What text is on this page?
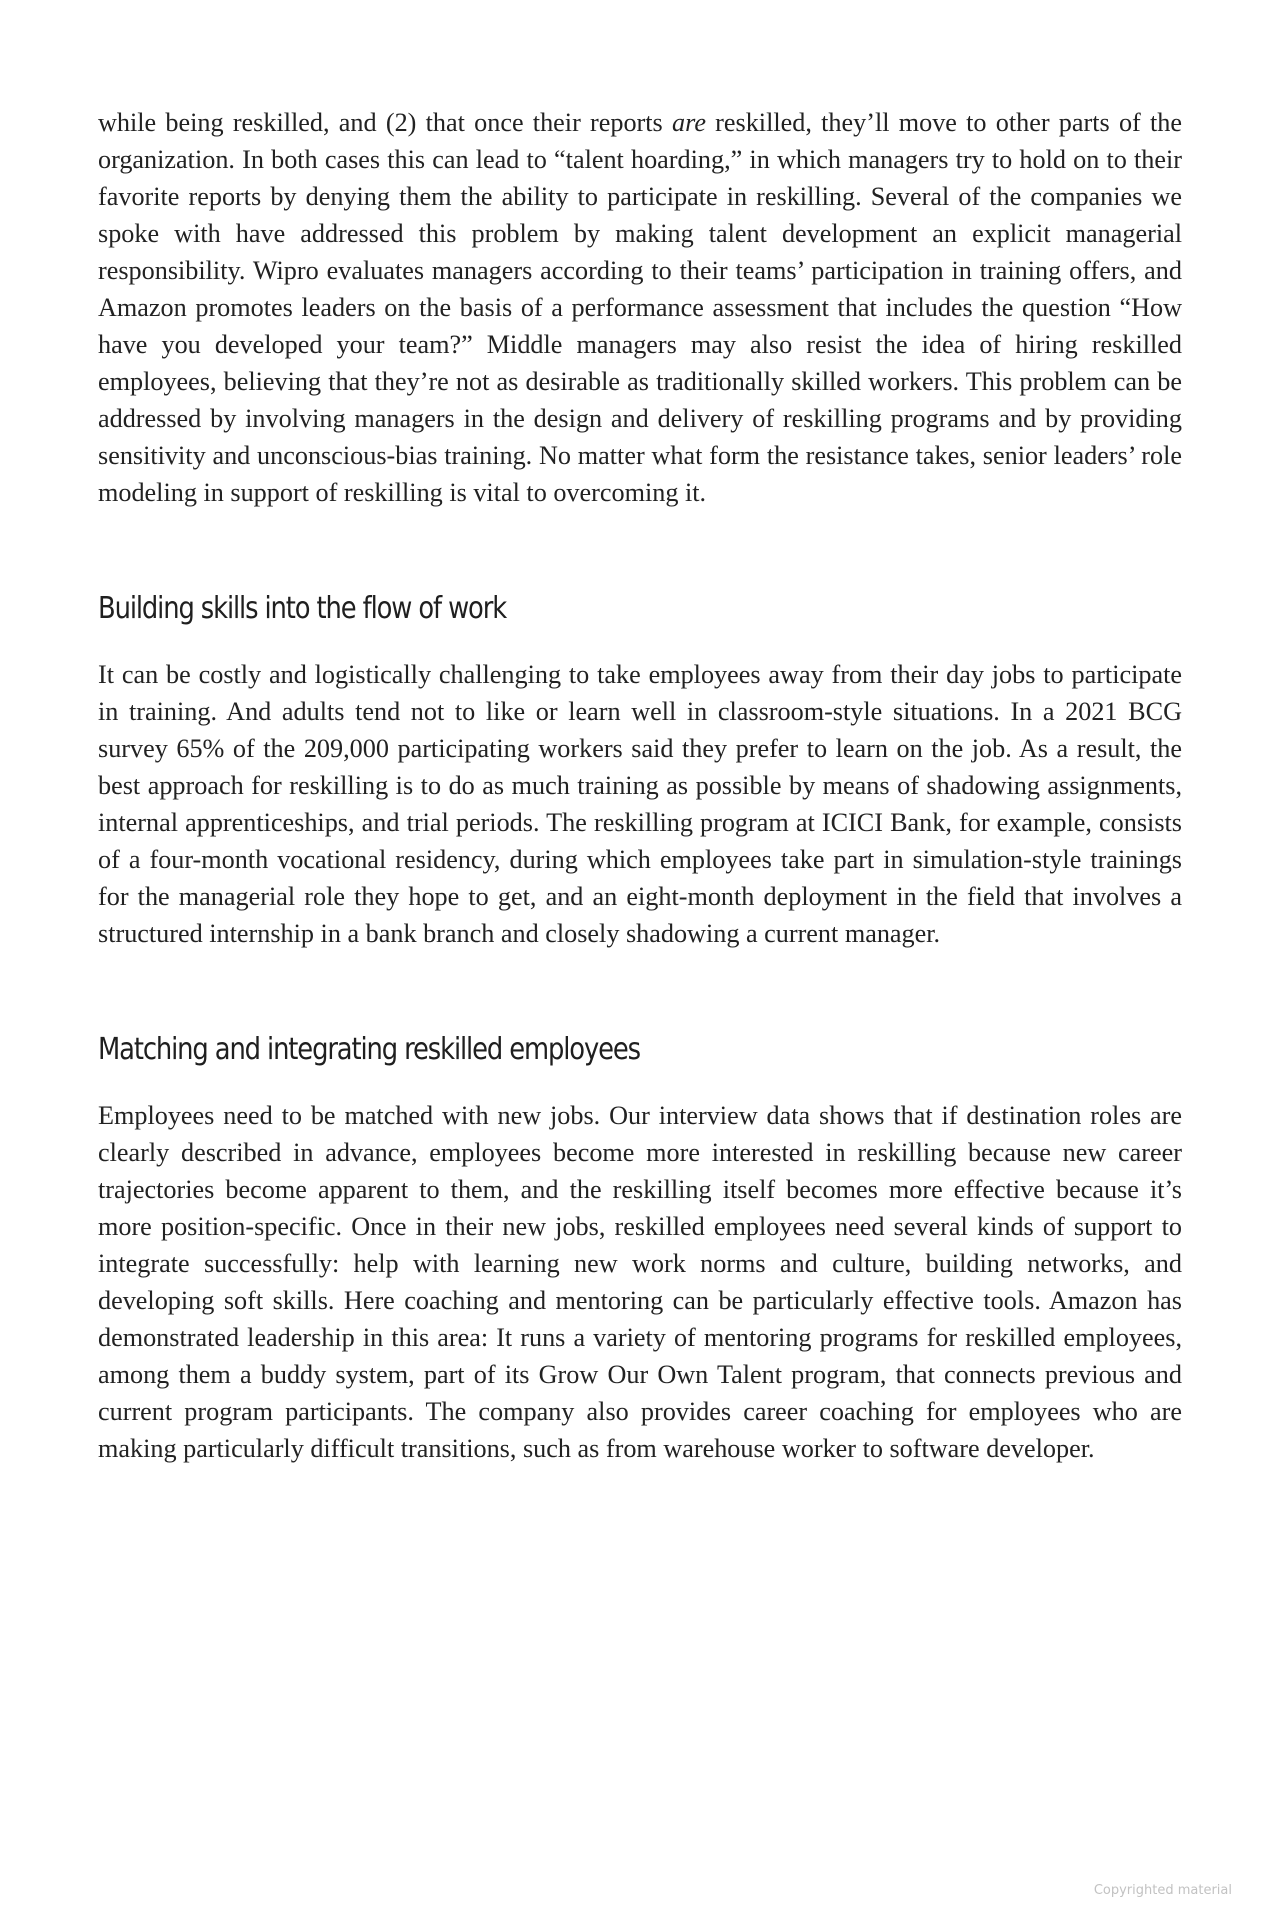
while being reskilled, and (2) that once their reports are reskilled, they’ll move to other parts of the organization. In both cases this can lead to “talent hoarding,” in which managers try to hold on to their favorite reports by denying them the ability to participate in reskilling. Several of the companies we spoke with have addressed this problem by making talent development an explicit managerial responsibility. Wipro evaluates managers according to their teams’ participation in training offers, and Amazon promotes leaders on the basis of a performance assessment that includes the question “How have you developed your team?” Middle managers may also resist the idea of hiring reskilled employees, believing that they’re not as desirable as traditionally skilled workers. This problem can be addressed by involving managers in the design and delivery of reskilling programs and by providing sensitivity and unconscious-bias training. No matter what form the resistance takes, senior leaders’ role modeling in support of reskilling is vital to overcoming it.

Building skills into the flow of work

It can be costly and logistically challenging to take employees away from their day jobs to participate in training. And adults tend not to like or learn well in classroom-style situations. In a 2021 BCG survey 65% of the 209,000 participating workers said they prefer to learn on the job. As a result, the best approach for reskilling is to do as much training as possible by means of shadowing assignments, internal apprenticeships, and trial periods. The reskilling program at ICICI Bank, for example, consists of a four-month vocational residency, during which employees take part in simulation-style trainings for the managerial role they hope to get, and an eight-month deployment in the field that involves a structured internship in a bank branch and closely shadowing a current manager.

Matching and integrating reskilled employees

Employees need to be matched with new jobs. Our interview data shows that if destination roles are clearly described in advance, employees become more interested in reskilling because new career trajectories become apparent to them, and the reskilling itself becomes more effective because it’s more position-specific. Once in their new jobs, reskilled employees need several kinds of support to integrate successfully: help with learning new work norms and culture, building networks, and developing soft skills. Here coaching and mentoring can be particularly effective tools. Amazon has demonstrated leadership in this area: It runs a variety of mentoring programs for reskilled employees, among them a buddy system, part of its Grow Our Own Talent program, that connects previous and current program participants. The company also provides career coaching for employees who are making particularly difficult transitions, such as from warehouse worker to software developer.

Copyrighted material
